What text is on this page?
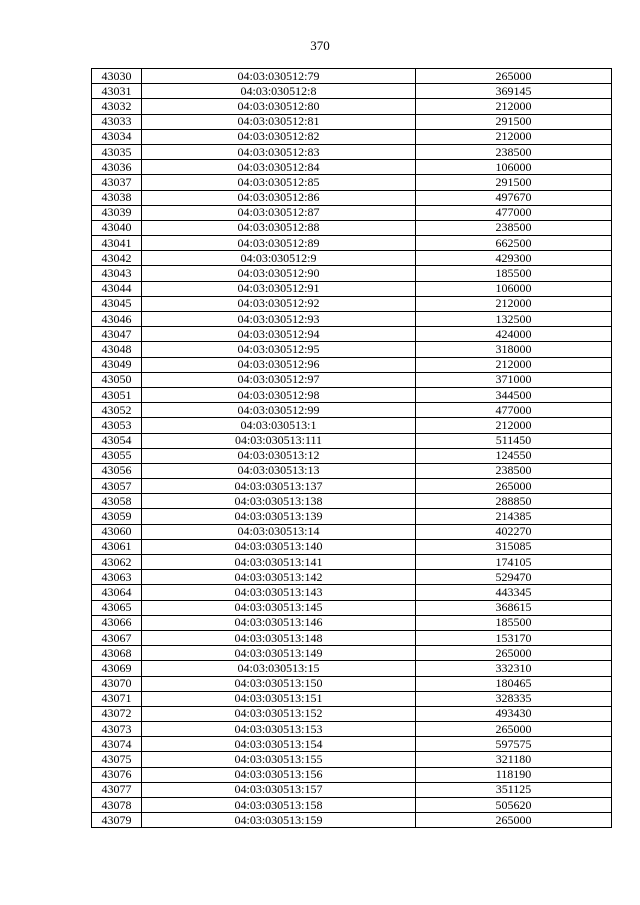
370
43030	04:03:030512:79	265000
43031	04:03:030512:8	369145
43032	04:03:030512:80	212000
43033	04:03:030512:81	291500
43034	04:03:030512:82	212000
43035	04:03:030512:83	238500
43036	04:03:030512:84	106000
43037	04:03:030512:85	291500
43038	04:03:030512:86	497670
43039	04:03:030512:87	477000
43040	04:03:030512:88	238500
43041	04:03:030512:89	662500
43042	04:03:030512:9	429300
43043	04:03:030512:90	185500
43044	04:03:030512:91	106000
43045	04:03:030512:92	212000
43046	04:03:030512:93	132500
43047	04:03:030512:94	424000
43048	04:03:030512:95	318000
43049	04:03:030512:96	212000
43050	04:03:030512:97	371000
43051	04:03:030512:98	344500
43052	04:03:030512:99	477000
43053	04:03:030513:1	212000
43054	04:03:030513:111	511450
43055	04:03:030513:12	124550
43056	04:03:030513:13	238500
43057	04:03:030513:137	265000
43058	04:03:030513:138	288850
43059	04:03:030513:139	214385
43060	04:03:030513:14	402270
43061	04:03:030513:140	315085
43062	04:03:030513:141	174105
43063	04:03:030513:142	529470
43064	04:03:030513:143	443345
43065	04:03:030513:145	368615
43066	04:03:030513:146	185500
43067	04:03:030513:148	153170
43068	04:03:030513:149	265000
43069	04:03:030513:15	332310
43070	04:03:030513:150	180465
43071	04:03:030513:151	328335
43072	04:03:030513:152	493430
43073	04:03:030513:153	265000
43074	04:03:030513:154	597575
43075	04:03:030513:155	321180
43076	04:03:030513:156	118190
43077	04:03:030513:157	351125
43078	04:03:030513:158	505620
43079	04:03:030513:159	265000
